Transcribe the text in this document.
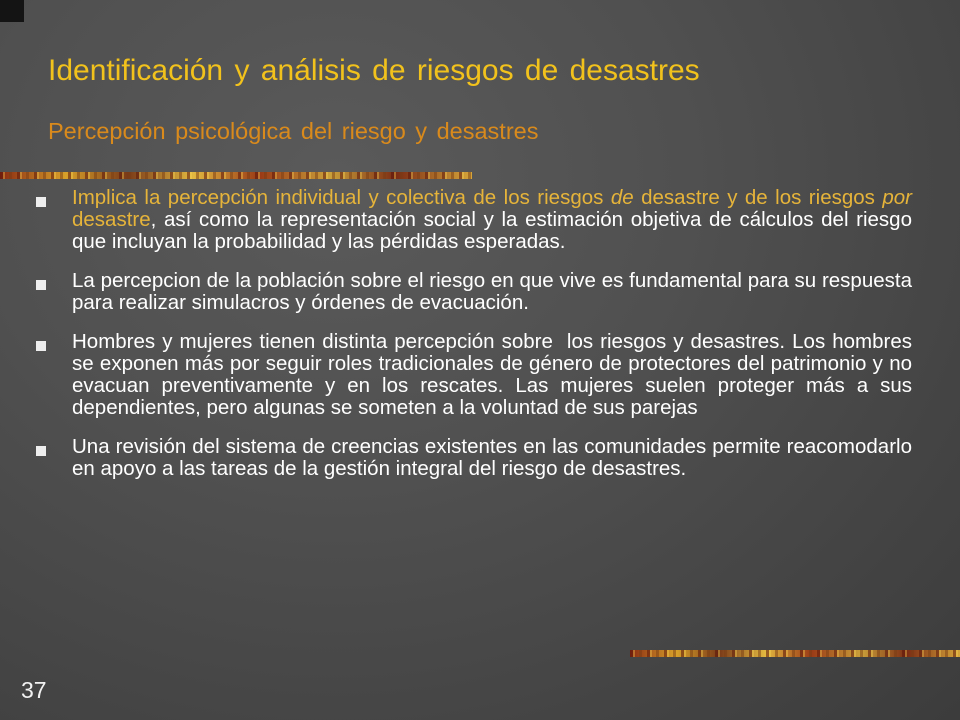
Identificación y análisis de riesgos de desastres
Percepción psicológica del riesgo y desastres

Implica la percepción individual y colectiva de los riesgos de desastre y de los riesgos por desastre, así como la representación social y la estimación objetiva de cálculos del riesgo que incluyan la probabilidad y las pérdidas esperadas.

La percepcion de la población sobre el riesgo en que vive es fundamental para su respuesta para realizar simulacros y órdenes de evacuación.

Hombres y mujeres tienen distinta percepción sobre  los riesgos y desastres. Los hombres se exponen más por seguir roles tradicionales de género de protectores del patrimonio y no evacuan preventivamente y en los rescates. Las mujeres suelen proteger más a sus dependientes, pero algunas se someten a la voluntad de sus parejas

Una revisión del sistema de creencias existentes en las comunidades permite reacomodarlo en apoyo a las tareas de la gestión integral del riesgo de desastres.

37
